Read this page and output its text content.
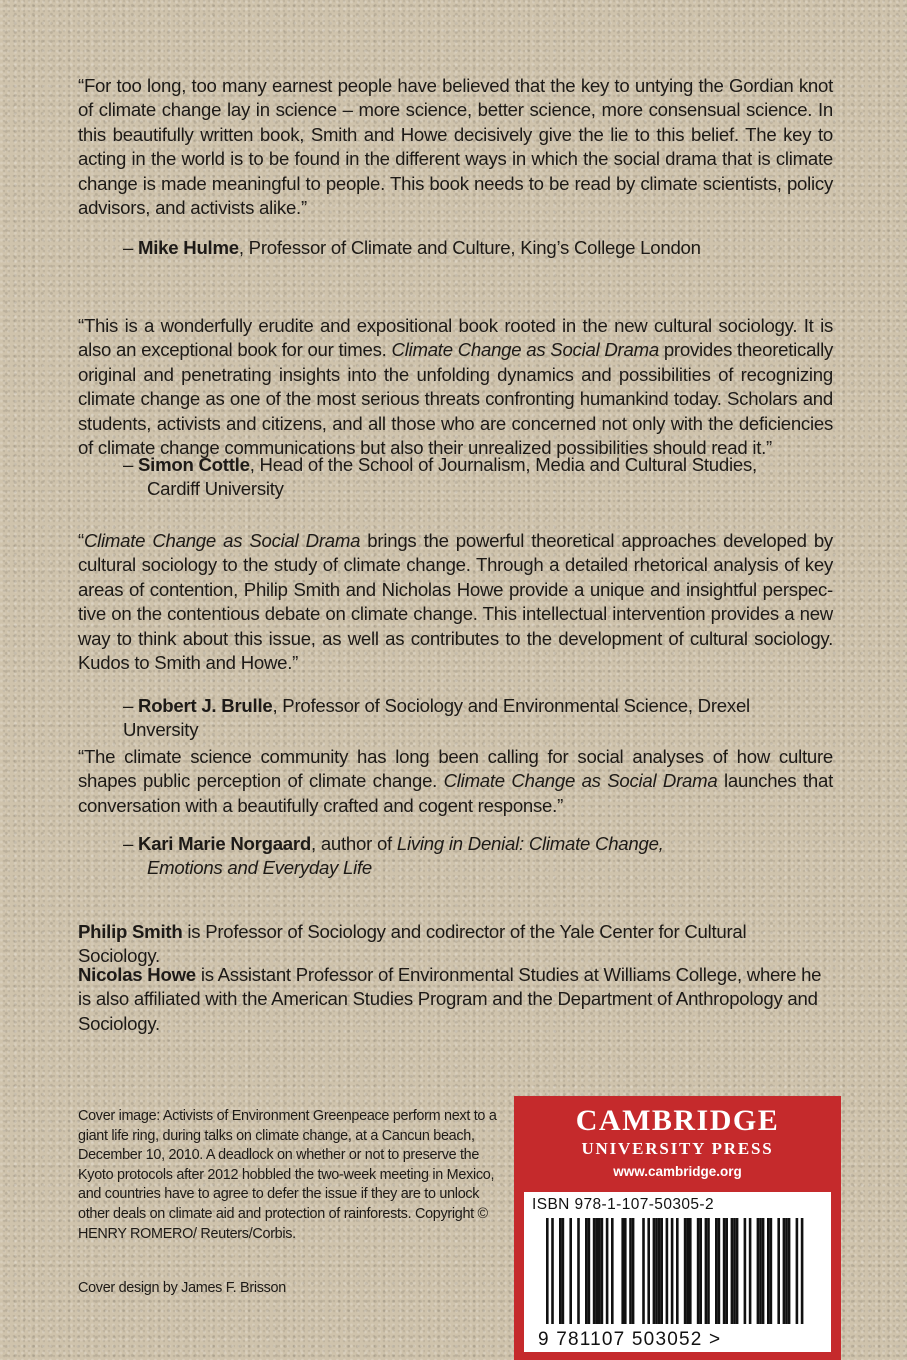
“For too long, too many earnest people have believed that the key to untying the Gordian knot of climate change lay in science – more science, better science, more consensual science. In this beautifully written book, Smith and Howe decisively give the lie to this belief. The key to acting in the world is to be found in the different ways in which the social drama that is climate change is made meaningful to people. This book needs to be read by climate scientists, policy advisors, and activists alike.”

– Mike Hulme, Professor of Climate and Culture, King’s College London

“This is a wonderfully erudite and expositional book rooted in the new cultural sociology. It is also an exceptional book for our times. Climate Change as Social Drama provides theoretically original and penetrating insights into the unfolding dynamics and possibilities of recognizing climate change as one of the most serious threats confronting humankind today. Scholars and students, activists and citizens, and all those who are concerned not only with the deficiencies of climate change communications but also their unrealized possibilities should read it.”

– Simon Cottle, Head of the School of Journalism, Media and Cultural Studies,
Cardiff University

“Climate Change as Social Drama brings the powerful theoretical approaches developed by cultural sociology to the study of climate change. Through a detailed rhetorical analysis of key areas of contention, Philip Smith and Nicholas Howe provide a unique and insightful perspec-tive on the contentious debate on climate change. This intellectual intervention provides a new way to think about this issue, as well as contributes to the development of cultural sociology. Kudos to Smith and Howe.”

– Robert J. Brulle, Professor of Sociology and Environmental Science, Drexel Unversity

“The climate science community has long been calling for social analyses of how culture shapes public perception of climate change. Climate Change as Social Drama launches that conversation with a beautifully crafted and cogent response.”

– Kari Marie Norgaard, author of Living in Denial: Climate Change,
Emotions and Everyday Life

Philip Smith is Professor of Sociology and codirector of the Yale Center for Cultural Sociology.

Nicolas Howe is Assistant Professor of Environmental Studies at Williams College, where he is also affiliated with the American Studies Program and the Department of Anthropology and Sociology.

Cover image: Activists of Environment Greenpeace perform next to a giant life ring, during talks on climate change, at a Cancun beach, December 10, 2010. A deadlock on whether or not to preserve the Kyoto protocols after 2012 hobbled the two-week meeting in Mexico, and countries have to agree to defer the issue if they are to unlock other deals on climate aid and protection of rainforests. Copyright © HENRY ROMERO/ Reuters/Corbis.

Cover design by James F. Brisson

CAMBRIDGE
UNIVERSITY PRESS
www.cambridge.org
ISBN 978-1-107-50305-2
9 781107 503052 >
